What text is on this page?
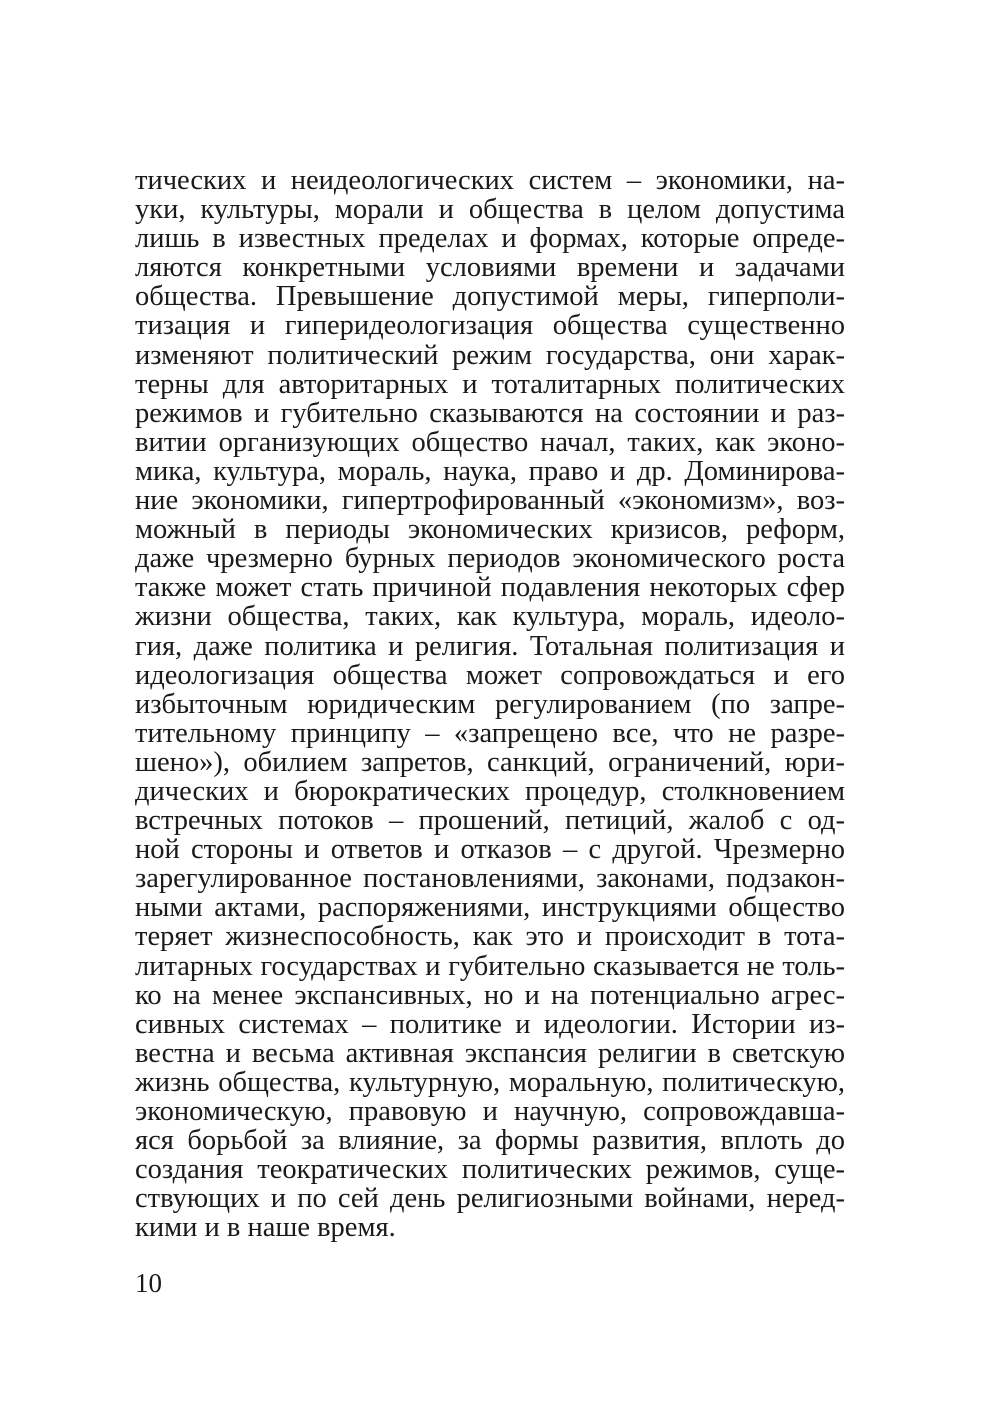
тических и неидеологических систем – экономики, на-
уки, культуры, морали и общества в целом допустима
лишь в известных пределах и формах, которые опреде-
ляются конкретными условиями времени и задачами
общества. Превышение допустимой меры, гиперполи-
тизация и гиперидеологизация общества существенно
изменяют политический режим государства, они харак-
терны для авторитарных и тоталитарных политических
режимов и губительно сказываются на состоянии и раз-
витии организующих общество начал, таких, как эконо-
мика, культура, мораль, наука, право и др. Доминирова-
ние экономики, гипертрофированный «экономизм», воз-
можный в периоды экономических кризисов, реформ,
даже чрезмерно бурных периодов экономического роста
также может стать причиной подавления некоторых сфер
жизни общества, таких, как культура, мораль, идеоло-
гия, даже политика и религия. Тотальная политизация и
идеологизация общества может сопровождаться и его
избыточным юридическим регулированием (по запре-
тительному принципу – «запрещено все, что не разре-
шено»), обилием запретов, санкций, ограничений, юри-
дических и бюрократических процедур, столкновением
встречных потоков – прошений, петиций, жалоб с од-
ной стороны и ответов и отказов – с другой. Чрезмерно
зарегулированное постановлениями, законами, подзакон-
ными актами, распоряжениями, инструкциями общество
теряет жизнеспособность, как это и происходит в тота-
литарных государствах и губительно сказывается не толь-
ко на менее экспансивных, но и на потенциально агрес-
сивных системах – политике и идеологии. Истории из-
вестна и весьма активная экспансия религии в светскую
жизнь общества, культурную, моральную, политическую,
экономическую, правовую и научную, сопровождавша-
яся борьбой за влияние, за формы развития, вплоть до
создания теократических политических режимов, суще-
ствующих и по сей день религиозными войнами, неред-
кими и в наше время.
10
